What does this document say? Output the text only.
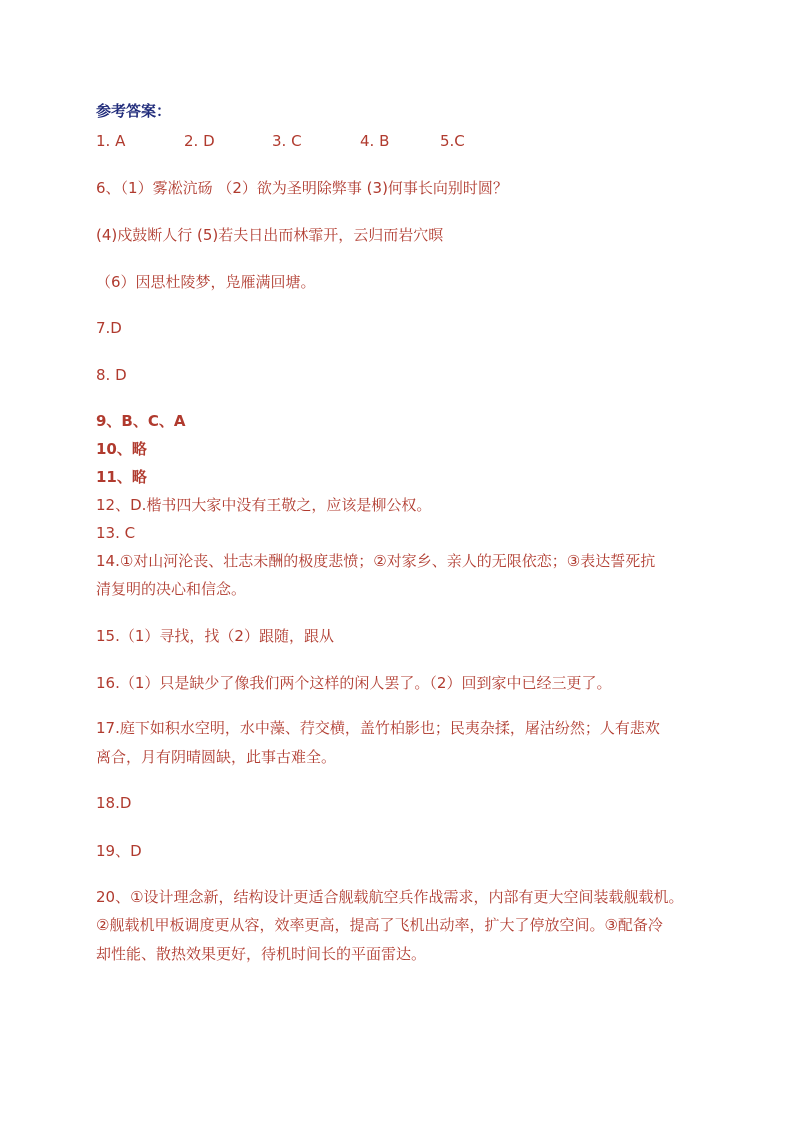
参考答案：
1. A	2. D	3. C	4. B	5.C
6、（1）雾凇沆砀 （2）欲为圣明除弊事 (3)何事长向别时圆？
(4)戍鼓断人行 (5)若夫日出而林霏开，云归而岩穴暝
（6）因思杜陵梦，凫雁满回塘。
7.D
8. D
9、B、C、A
10、略
11、略
12、D.楷书四大家中没有王敬之，应该是柳公权。
13. C
14.①对山河沦丧、壮志未酬的极度悲愤；②对家乡、亲人的无限依恋；③表达誓死抗
清复明的决心和信念。
15.（1）寻找，找（2）跟随，跟从
16.（1）只是缺少了像我们两个这样的闲人罢了。（2）回到家中已经三更了。
17.庭下如积水空明，水中藻、荇交横，盖竹柏影也；民夷杂揉，屠沽纷然；人有悲欢
离合，月有阴晴圆缺，此事古难全。
18.D
19、D
20、①设计理念新，结构设计更适合舰载航空兵作战需求，内部有更大空间装载舰载机。
②舰载机甲板调度更从容，效率更高，提高了飞机出动率，扩大了停放空间。③配备冷
却性能、散热效果更好，待机时间长的平面雷达。
